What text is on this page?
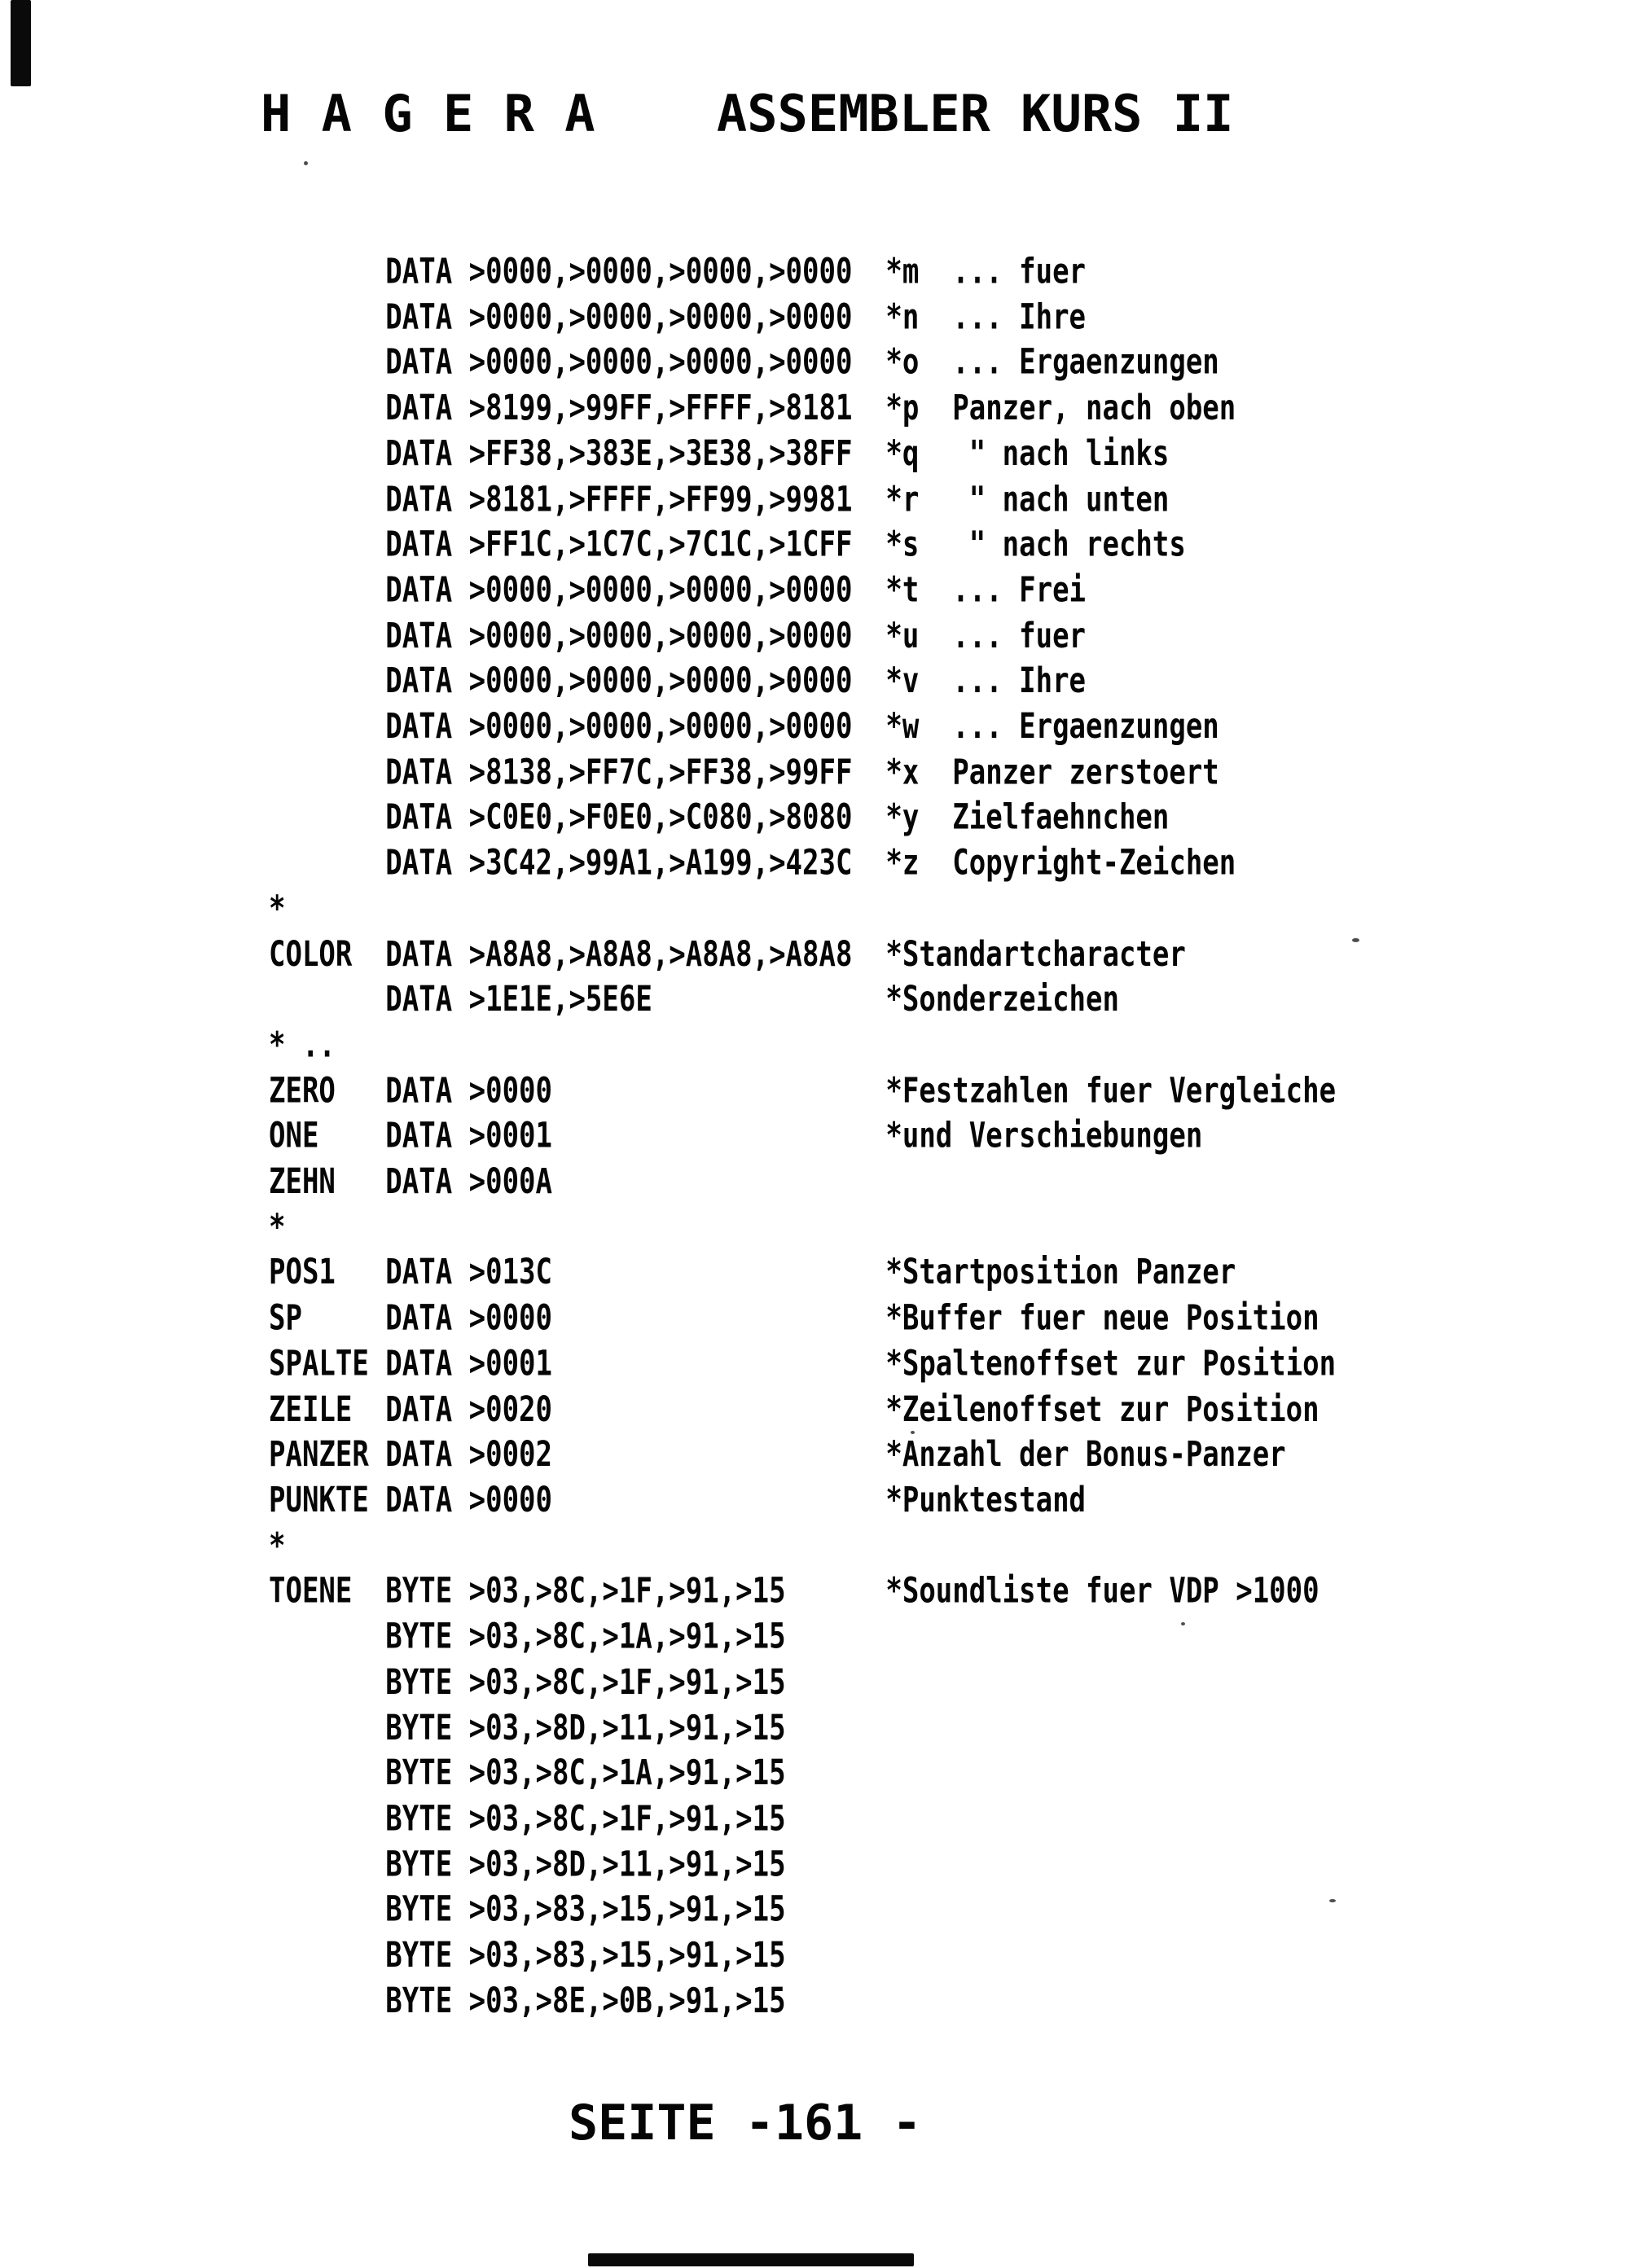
H A G E R A    ASSEMBLER KURS II
DATA >0000,>0000,>0000,>0000  *m  ... fuer
DATA >0000,>0000,>0000,>0000  *n  ... Ihre
DATA >0000,>0000,>0000,>0000  *o  ... Ergaenzungen
DATA >8199,>99FF,>FFFF,>8181  *p  Panzer, nach oben
DATA >FF38,>383E,>3E38,>38FF  *q   " nach links
DATA >8181,>FFFF,>FF99,>9981  *r   " nach unten
DATA >FF1C,>1C7C,>7C1C,>1CFF  *s   " nach rechts
DATA >0000,>0000,>0000,>0000  *t  ... Frei
DATA >0000,>0000,>0000,>0000  *u  ... fuer
DATA >0000,>0000,>0000,>0000  *v  ... Ihre
DATA >0000,>0000,>0000,>0000  *w  ... Ergaenzungen
DATA >8138,>FF7C,>FF38,>99FF  *x  Panzer zerstoert
DATA >C0E0,>F0E0,>C080,>8080  *y  Zielfaehnchen
DATA >3C42,>99A1,>A199,>423C  *z  Copyright-Zeichen
*
COLOR  DATA >A8A8,>A8A8,>A8A8,>A8A8  *Standartcharacter
DATA >1E1E,>5E6E              *Sonderzeichen
* ..
ZERO   DATA >0000                    *Festzahlen fuer Vergleiche
ONE    DATA >0001                    *und Verschiebungen
ZEHN   DATA >000A
*
POS1   DATA >013C                    *Startposition Panzer
SP     DATA >0000                    *Buffer fuer neue Position
SPALTE DATA >0001                    *Spaltenoffset zur Position
ZEILE  DATA >0020                    *Zeilenoffset zur Position
PANZER DATA >0002                    *Anzahl der Bonus-Panzer
PUNKTE DATA >0000                    *Punktestand
*
TOENE  BYTE >03,>8C,>1F,>91,>15      *Soundliste fuer VDP >1000
BYTE >03,>8C,>1A,>91,>15
BYTE >03,>8C,>1F,>91,>15
BYTE >03,>8D,>11,>91,>15
BYTE >03,>8C,>1A,>91,>15
BYTE >03,>8C,>1F,>91,>15
BYTE >03,>8D,>11,>91,>15
BYTE >03,>83,>15,>91,>15
BYTE >03,>83,>15,>91,>15
BYTE >03,>8E,>0B,>91,>15
SEITE -161 -
